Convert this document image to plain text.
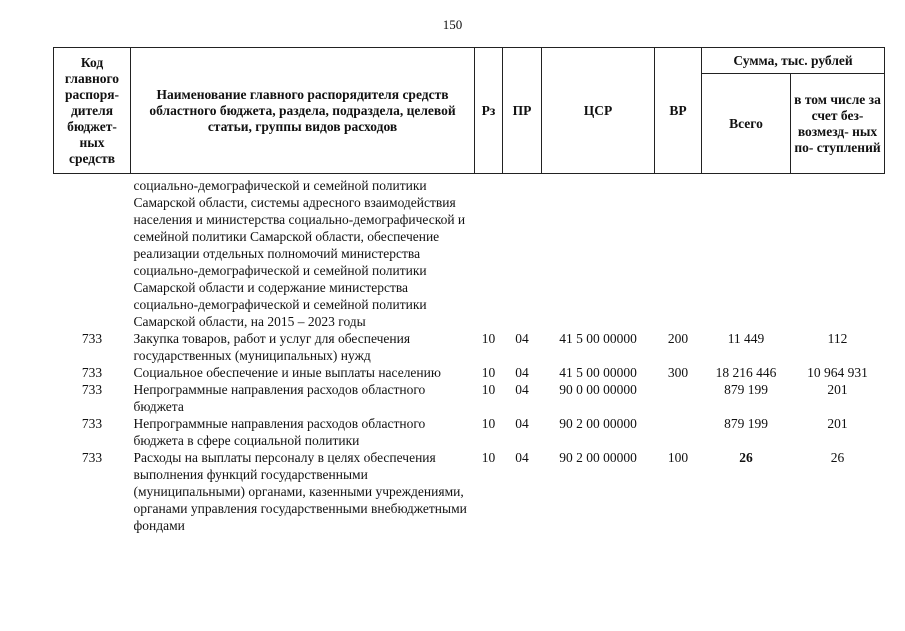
150
Код главного распоря- дителя бюджет- ных средств	Наименование главного распорядителя средств областного бюджета, раздела, подраздела, целевой статьи, группы видов расходов	Рз	ПР	ЦСР	ВР	Сумма, тыс. рублей	
						Всего	в том числе за счет без- возмезд- ных по- ступлений
	социально-демографической и семейной политики Самарской области, системы адресного взаимодействия населения и министерства социально-демографической и семейной политики Самарской области, обеспечение реализации отдельных полномочий министерства социально-демографической и семейной политики Самарской области и содержание министерства социально-демографической и семейной политики Самарской области, на 2015 – 2023 годы						
733	Закупка товаров, работ и услуг для обеспечения государственных (муниципальных) нужд	10	04	41 5 00 00000	200	11 449	112
733	Социальное обеспечение и иные выплаты населению	10	04	41 5 00 00000	300	18 216 446	10 964 931
733	Непрограммные направления расходов областного бюджета	10	04	90 0 00 00000		879 199	201
733	Непрограммные направления расходов областного бюджета в сфере социальной политики	10	04	90 2 00 00000		879 199	201
733	Расходы на выплаты персоналу в целях обеспечения выполнения функций государственными (муниципальными) органами, казенными учреждениями, органами управления государственными внебюджетными фондами	10	04	90 2 00 00000	100	26	26
